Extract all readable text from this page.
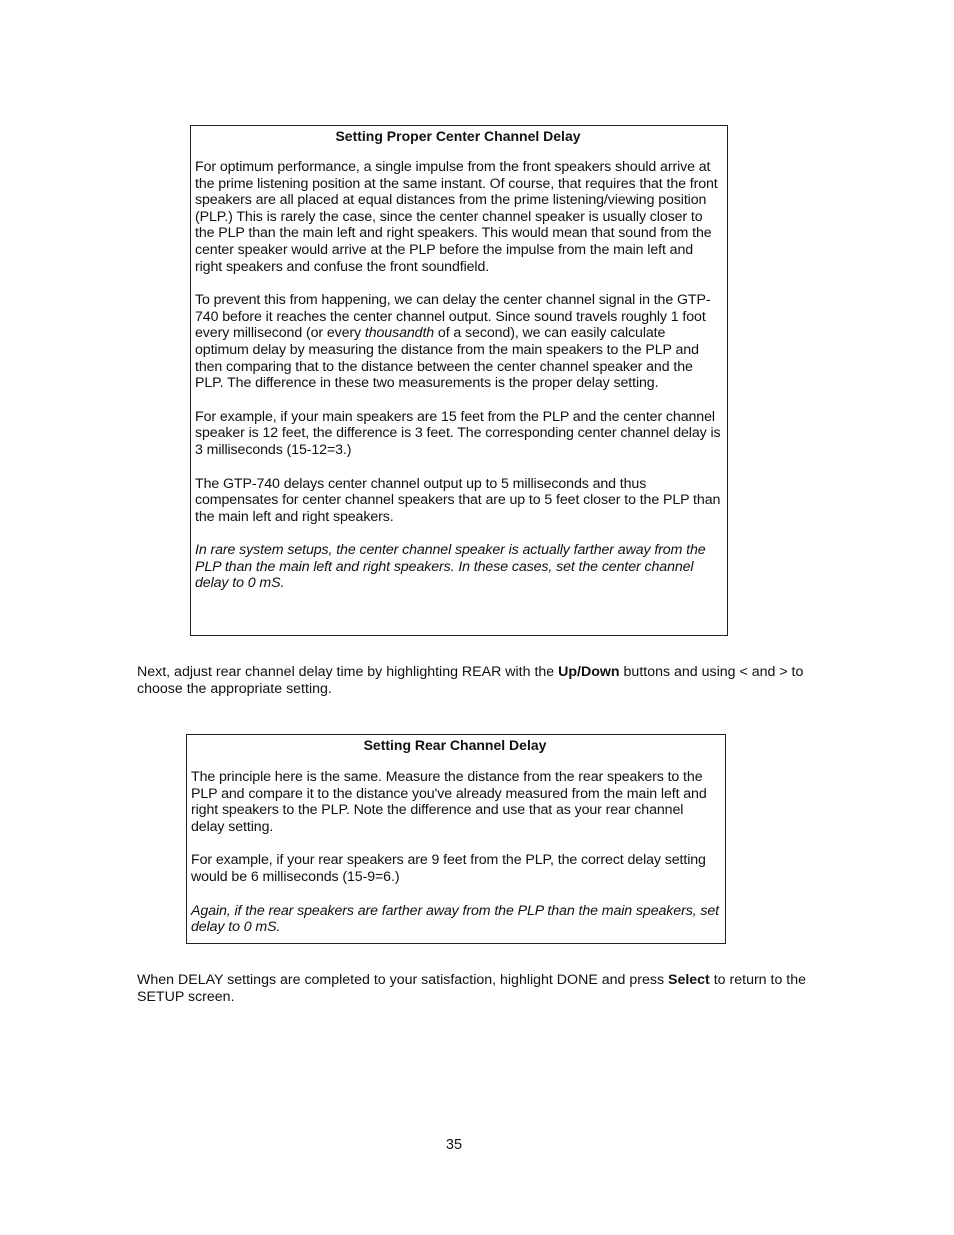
Setting Proper Center Channel Delay

For optimum performance, a single impulse from the front speakers should arrive at the prime listening position at the same instant. Of course, that requires that the front speakers are all placed at equal distances from the prime listening/viewing position (PLP.) This is rarely the case, since the center channel speaker is usually closer to the PLP than the main left and right speakers. This would mean that sound from the center speaker would arrive at the PLP before the impulse from the main left and right speakers and confuse the front soundfield.

To prevent this from happening, we can delay the center channel signal in the GTP-740 before it reaches the center channel output. Since sound travels roughly 1 foot every millisecond (or every thousandth of a second), we can easily calculate optimum delay by measuring the distance from the main speakers to the PLP and then comparing that to the distance between the center channel speaker and the PLP. The difference in these two measurements is the proper delay setting.

For example, if your main speakers are 15 feet from the PLP and the center channel speaker is 12 feet, the difference is 3 feet. The corresponding center channel delay is 3 milliseconds (15-12=3.)

The GTP-740 delays center channel output up to 5 milliseconds and thus compensates for center channel speakers that are up to 5 feet closer to the PLP than the main left and right speakers.

In rare system setups, the center channel speaker is actually farther away from the PLP than the main left and right speakers. In these cases, set the center channel delay to 0 mS.

Next, adjust rear channel delay time by highlighting REAR with the Up/Down buttons and using < and > to choose the appropriate setting.

Setting Rear Channel Delay

The principle here is the same. Measure the distance from the rear speakers to the PLP and compare it to the distance you've already measured from the main left and right speakers to the PLP. Note the difference and use that as your rear channel delay setting.

For example, if your rear speakers are 9 feet from the PLP, the correct delay setting would be 6 milliseconds (15-9=6.)

Again, if the rear speakers are farther away from the PLP than the main speakers, set delay to 0 mS.

When DELAY settings are completed to your satisfaction, highlight DONE and press Select to return to the SETUP screen.

35
